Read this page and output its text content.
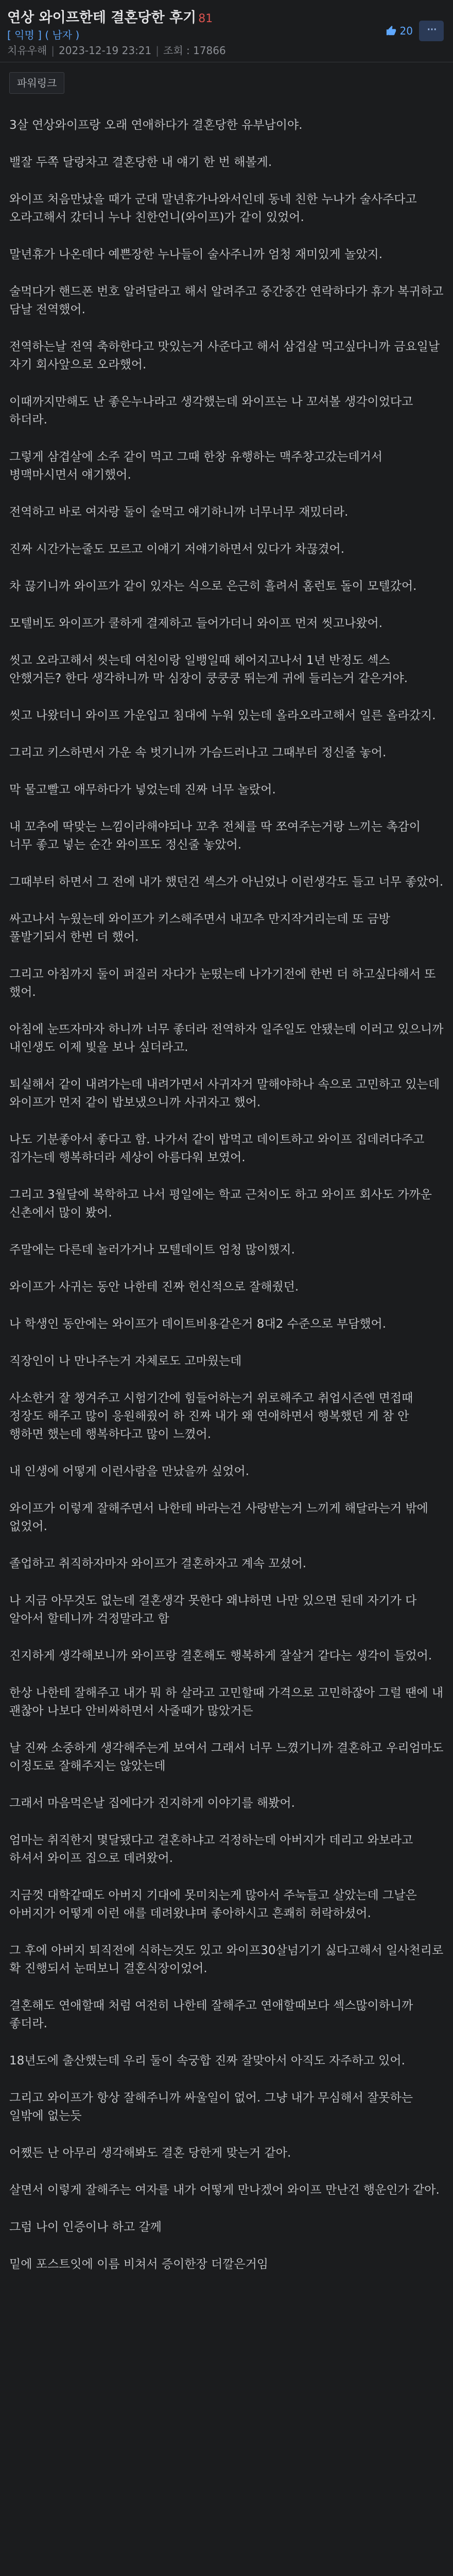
연상 와이프한테 결혼당한 후기 81
[ 익명 ] ( 남자 )
치유우해 | 2023-12-19 23:21 | 조회 : 17866
20	···
파워링크
3살 연상와이프랑 오래 연애하다가 결혼당한 유부남이야.
밸잘 두쪽 달랑차고 결혼당한 내 얘기 한 번 해볼게.
와이프 처음만났을 때가 군대 말년휴가나와서인데 동네 친한 누나가 술사주다고 오라고해서 갔더니 누나 친한언니(와이프)가 같이 있었어.
말년휴가 나온데다 예쁜장한 누나들이 술사주니까 엄청 재미있게 놀았지.
술먹다가 핸드폰 번호 알려달라고 해서 알려주고 중간중간 연락하다가 휴가 복귀하고 담날 전역했어.
전역하는날 전역 축하한다고 맛있는거 사준다고 해서 삼겹살 먹고싶다니까 금요일날 자기 회사앞으로 오라했어.
이때까지만해도 난 좋은누나라고 생각했는데 와이프는 나 꼬셔볼 생각이었다고 하더라.
그렇게 삼겹살에 소주 같이 먹고 그때 한창 유행하는 맥주창고갔는데거서 병맥마시면서 얘기했어.
전역하고 바로 여자랑 둘이 술먹고 얘기하니까 너무너무 재밌더라.
진짜 시간가는줄도 모르고 이얘기 저얘기하면서 있다가 차끊겼어.
차 끊기니까 와이프가 같이 있자는 식으로 은근히 흘려서 홈런토 돌이 모텔갔어.
모텔비도 와이프가 쿨하게 결제하고 들어가더니 와이프 먼저 씻고나왔어.
씻고 오라고해서 씻는데 여친이랑 일뱅일때 헤어지고나서 1년 반정도 섹스 안했거든? 한다 생각하니까 막 심장이 쿵쿵쿵 뛰는게 귀에 들리는거 같은거야.
씻고 나왔더니 와이프 가운입고 침대에 누워 있는데 올라오라고해서 일른 올라갔지.
그리고 키스하면서 가운 속 벗기니까 가슴드러나고 그때부터 정신줄 놓어.
막 물고빨고 애무하다가 넣었는데 진짜 너무 놀랐어.
내 꼬추에 딱맞는 느낌이라해야되나 꼬추 전체를 딱 쪼여주는거랑 느끼는 촉감이 너무 좋고 넣는 순간 와이프도 정신줄 놓았어.
그때부터 하면서 그 전에 내가 했던건 섹스가 아닌었나 이런생각도 들고 너무 좋았어.
싸고나서 누웠는데 와이프가 키스해주면서 내꼬추 만지작거리는데 또 금방 풀발기되서 한번 더 했어.
그리고 아침까지 둘이 퍼질러 자다가 눈떴는데 나가기전에 한번 더 하고싶다해서 또 했어.
아침에 눈뜨자마자 하니까 너무 좋더라 전역하자 일주일도 안됐는데 이러고 있으니까 내인생도 이제 빛을 보나 싶더라고.
퇴실해서 같이 내려가는데 내려가면서 사귀자거 말해야하나 속으로 고민하고 있는데 와이프가 먼저 같이 밥보냈으니까 사귀자고 했어.
나도 기분좋아서 좋다고 함. 나가서 같이 밥먹고 데이트하고 와이프 집데려다주고 집가는데 행복하더라 세상이 아름다워 보였어.
그리고 3월달에 복학하고 나서 평일에는 학교 근처이도 하고 와이프 회사도 가까운 신촌에서 많이 봤어.
주말에는 다른데 놀러가거나 모텔데이트 엄청 많이했지.
와이프가 사귀는 동안 나한테 진짜 헌신적으로 잘해줬던.
나 학생인 동안에는 와이프가 데이트비용같은거 8대2 수준으로 부담했어.
직장인이 나 만나주는거 자체로도 고마웠는데
사소한거 잘 챙겨주고 시험기간에 힘들어하는거 위로해주고 취업시즌엔 면접때 정장도 해주고 많이 응원해줬어 하 진짜 내가 왜 연애하면서 행복했던 게 참 안 행하면 했는데 행복하다고 많이 느꼈어.
내 인생에 어떻게 이런사람을 만났을까 싶었어.
와이프가 이렇게 잘해주면서 나한테 바라는건 사랑받는거 느끼게 해달라는거 밖에 없었어.
졸업하고 취직하자마자 와이프가 결혼하자고 계속 꼬셨어.
나 지금 아무것도 없는데 결혼생각 못한다 왜냐하면 나만 있으면 된데 자기가 다 알아서 할테니까 걱정말라고 함
진지하게 생각해보니까 와이프랑 결혼해도 행복하게 잘살거 같다는 생각이 들었어.
한상 나한테 잘해주고 내가 뭐 하 살라고 고민할때 가격으로 고민하잖아 그럴 땐에 내 괜찮아 나보다 안비싸하면서 사줄때가 많았거든
날 진짜 소중하게 생각해주는게 보여서 그래서 너무 느꼈기니까 결혼하고 우리엄마도 이정도로 잘해주지는 않았는데
그래서 마음먹은날 집에다가 진지하게 이야기를 해봤어.
엄마는 취직한지 몇달됐다고 결혼하냐고 걱정하는데 아버지가 데리고 와보라고 하셔서 와이프 집으로 데려왔어.
지금껏 대학같때도 아버지 기대에 못미치는게 많아서 주눅들고 살았는데 그날은 아버지가 어떻게 이런 애를 데려왔냐며 좋아하시고 흔쾌히 허락하셨어.
그 후에 아버지 퇴직전에 식하는것도 있고 와이프30살넘기기 싫다고해서 일사천리로 확 진행되서 눈떠보니 결혼식장이었어.
결혼해도 연애할때 처럼 여전히 나한테 잘해주고 연애할때보다 섹스많이하니까 좋더라.
18년도에 출산했는데 우리 둘이 속궁합 진짜 잘맞아서 아직도 자주하고 있어.
그리고 와이프가 항상 잘해주니까 싸울일이 없어. 그냥 내가 무심해서 잘못하는 일밖에 없는듯
어쨌든 난 아무리 생각해봐도 결혼 당한게 맞는거 같아.
살면서 이렇게 잘해주는 여자를 내가 어떻게 만나겠어 와이프 만난건 행운인가 같아.
그럼 나이 인증이나 하고 갈께
밑에 포스트잇에 이름 비쳐서 증이한장 더깔은거임
